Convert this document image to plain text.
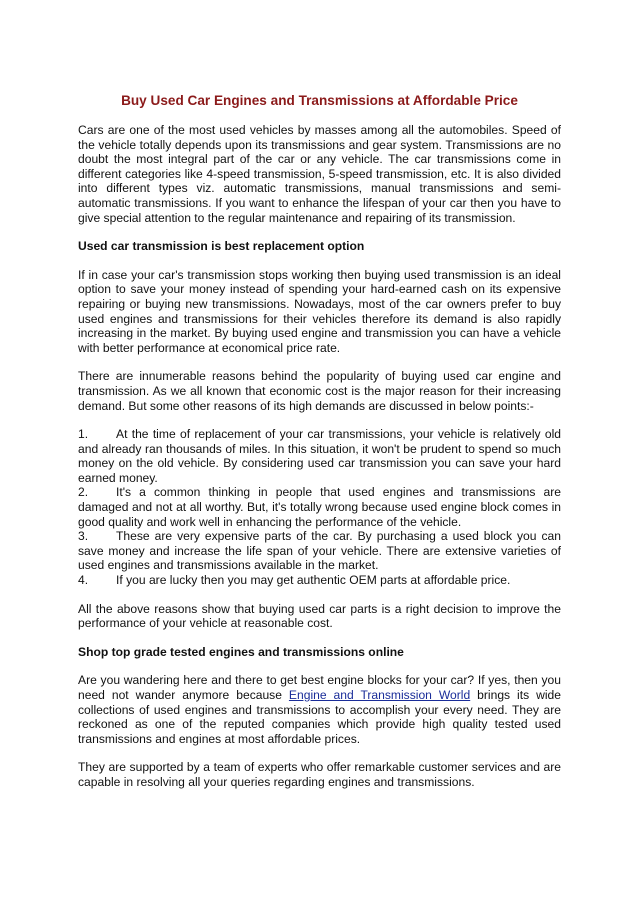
Buy Used Car Engines and Transmissions at Affordable Price

Cars are one of the most used vehicles by masses among all the automobiles. Speed of the vehicle totally depends upon its transmissions and gear system. Transmissions are no doubt the most integral part of the car or any vehicle. The car transmissions come in different categories like 4-speed transmission, 5-speed transmission, etc. It is also divided into different types viz. automatic transmissions, manual transmissions and semi-automatic transmissions. If you want to enhance the lifespan of your car then you have to give special attention to the regular maintenance and repairing of its transmission.

Used car transmission is best replacement option

If in case your car's transmission stops working then buying used transmission is an ideal option to save your money instead of spending your hard-earned cash on its expensive repairing or buying new transmissions. Nowadays, most of the car owners prefer to buy used engines and transmissions for their vehicles therefore its demand is also rapidly increasing in the market. By buying used engine and transmission you can have a vehicle with better performance at economical price rate.

There are innumerable reasons behind the popularity of buying used car engine and transmission. As we all known that economic cost is the major reason for their increasing demand. But some other reasons of its high demands are discussed in below points:-

1. At the time of replacement of your car transmissions, your vehicle is relatively old and already ran thousands of miles. In this situation, it won't be prudent to spend so much money on the old vehicle. By considering used car transmission you can save your hard earned money.
2. It's a common thinking in people that used engines and transmissions are damaged and not at all worthy. But, it's totally wrong because used engine block comes in good quality and work well in enhancing the performance of the vehicle.
3. These are very expensive parts of the car. By purchasing a used block you can save money and increase the life span of your vehicle. There are extensive varieties of used engines and transmissions available in the market.
4. If you are lucky then you may get authentic OEM parts at affordable price.

All the above reasons show that buying used car parts is a right decision to improve the performance of your vehicle at reasonable cost.

Shop top grade tested engines and transmissions online

Are you wandering here and there to get best engine blocks for your car? If yes, then you need not wander anymore because Engine and Transmission World brings its wide collections of used engines and transmissions to accomplish your every need. They are reckoned as one of the reputed companies which provide high quality tested used transmissions and engines at most affordable prices.

They are supported by a team of experts who offer remarkable customer services and are capable in resolving all your queries regarding engines and transmissions.
